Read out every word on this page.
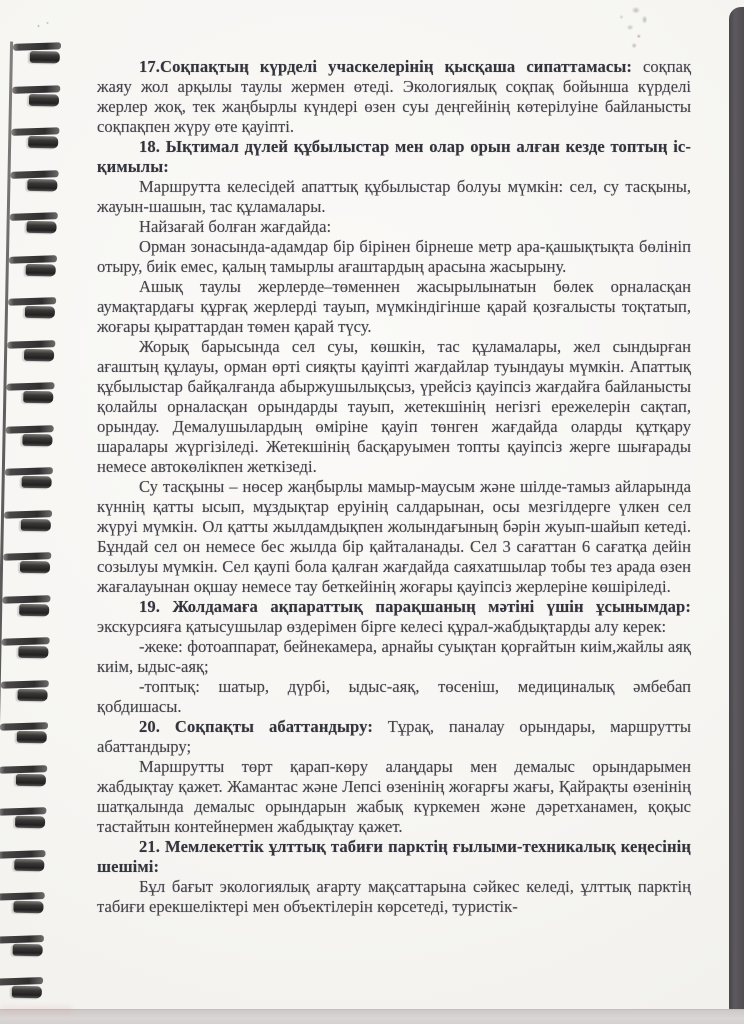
17.Соқпақтың күрделі учаскелерінің қысқаша сипаттамасы: соқпақ жаяу жол арқылы таулы жермен өтеді. Экологиялық соқпақ бойынша күрделі жерлер жоқ, тек жаңбырлы күндері өзен суы деңгейінің көтерілуіне байланысты соқпақпен жүру өте қауіпті.

18. Ықтимал дүлей құбылыстар мен олар орын алған кезде топтың іс-қимылы:

Маршрутта келесідей апаттық құбылыстар болуы мүмкін: сел, су тасқыны, жауын-шашын, тас құламалары.

Найзағай болған жағдайда:

Орман зонасында-адамдар бір бірінен бірнеше метр ара-қашықтықта бөлініп отыру, биік емес, қалың тамырлы ағаштардың арасына жасырыну.

Ашық таулы жерлерде–төменнен жасырылынатын бөлек орналасқан аумақтардағы құрғақ жерлерді тауып, мүмкіндігінше қарай қозғалысты тоқтатып, жоғары қыраттардан төмен қарай түсу.

Жорық барысында сел суы, көшкін, тас құламалары, жел сындырған ағаштың құлауы, орман өрті сияқты қауіпті жағдайлар туындауы мүмкін. Апаттық құбылыстар байқалғанда абыржушылықсыз, үрейсіз қауіпсіз жағдайға байланысты қолайлы орналасқан орындарды тауып, жетекшінің негізгі ережелерін сақтап, орындау. Демалушылардың өміріне қауіп төнген жағдайда оларды құтқару шаралары жүргізіледі. Жетекшінің басқаруымен топты қауіпсіз жерге шығарады немесе автокөлікпен жеткізеді.

Су тасқыны – нөсер жаңбырлы мамыр-маусым және шілде-тамыз айларында күннің қатты ысып, мұздықтар еруінің салдарынан, осы мезгілдерге үлкен сел жүруі мүмкін. Ол қатты жылдамдықпен жолындағының бәрін жуып-шайып кетеді. Бұндай сел он немесе бес жылда бір қайталанады. Сел 3 сағаттан 6 сағатқа дейін созылуы мүмкін. Сел қаупі бола қалған жағдайда саяхатшылар тобы тез арада өзен жағалауынан оқшау немесе тау беткейінің жоғары қауіпсіз жерлеріне көшіріледі.

19. Жолдамаға ақпараттық парақшаның мәтіні үшін ұсынымдар: экскурсияға қатысушылар өздерімен бірге келесі құрал-жабдықтарды алу керек:

-жеке: фотоаппарат, бейнекамера, арнайы суықтан қорғайтын киім,жайлы аяқ киім, ыдыс-аяқ;

-топтық: шатыр, дүрбі, ыдыс-аяқ, төсеніш, медициналық әмбебап қобдишасы.

20. Соқпақты абаттандыру: Тұрақ, паналау орындары, маршрутты абаттандыру;

Маршрутты төрт қарап-көру алаңдары мен демалыс орындарымен жабдықтау қажет. Жамантас және Лепсі өзенінің жоғарғы жағы, Қайрақты өзенінің шатқалында демалыс орындарын жабық күркемен және дәретханамен, қоқыс тастайтын контейнермен жабдықтау қажет.

21. Мемлекеттік ұлттық табиғи парктің ғылыми-техникалық кеңесінің шешімі:

Бұл бағыт экологиялық ағарту мақсаттарына сәйкес келеді, ұлттық парктің табиғи ерекшеліктері мен объектілерін көрсетеді, туристік-
